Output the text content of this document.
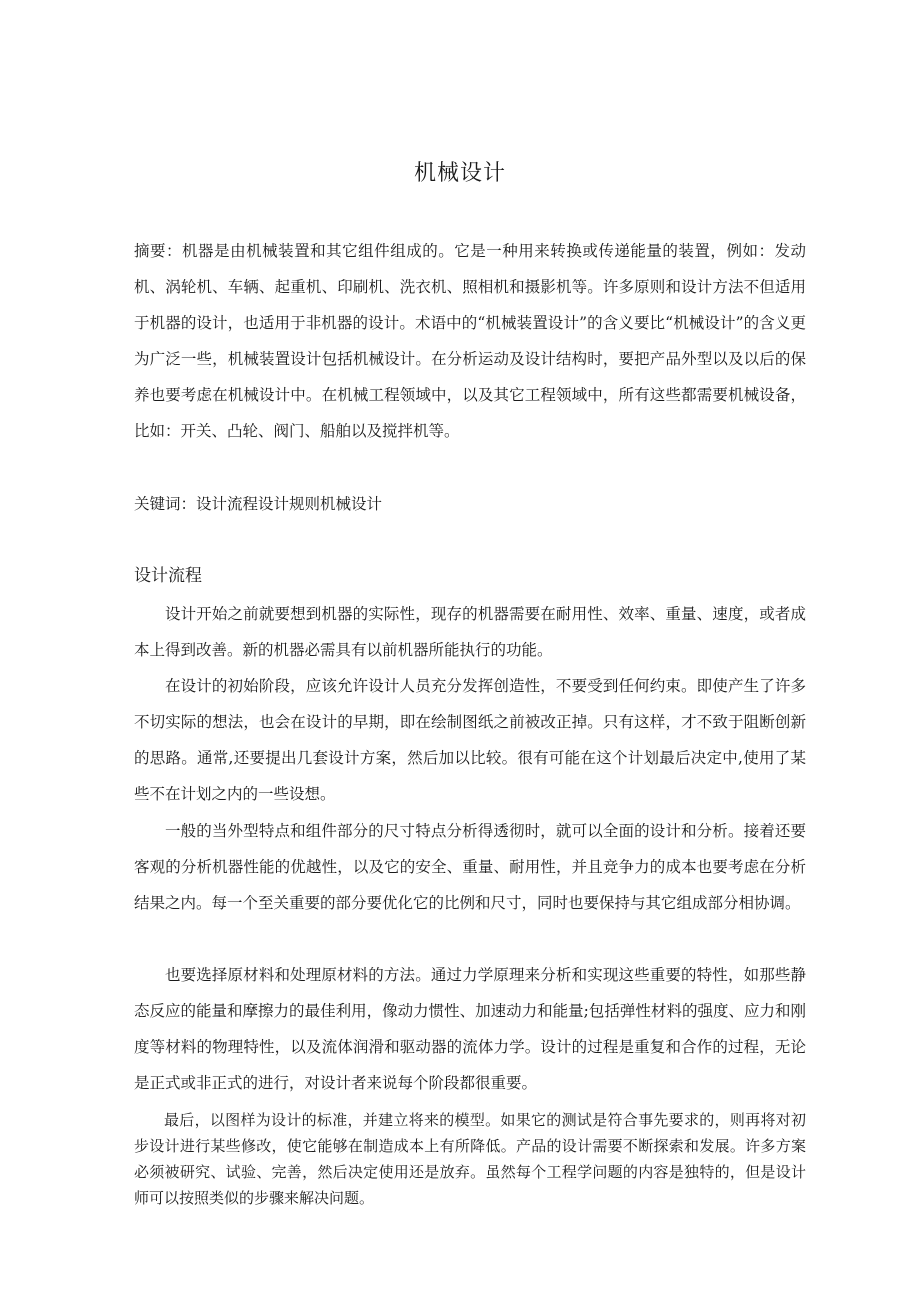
机械设计

摘要：机器是由机械装置和其它组件组成的。它是一种用来转换或传递能量的装置，例如：发动机、涡轮机、车辆、起重机、印刷机、洗衣机、照相机和摄影机等。许多原则和设计方法不但适用于机器的设计，也适用于非机器的设计。术语中的“机械装置设计”的含义要比“机械设计”的含义更为广泛一些，机械装置设计包括机械设计。在分析运动及设计结构时，要把产品外型以及以后的保养也要考虑在机械设计中。在机械工程领域中，以及其它工程领域中，所有这些都需要机械设备，比如：开关、凸轮、阀门、船舶以及搅拌机等。

关键词：设计流程设计规则机械设计

设计流程

设计开始之前就要想到机器的实际性，现存的机器需要在耐用性、效率、重量、速度，或者成本上得到改善。新的机器必需具有以前机器所能执行的功能。

在设计的初始阶段，应该允许设计人员充分发挥创造性，不要受到任何约束。即使产生了许多不切实际的想法，也会在设计的早期，即在绘制图纸之前被改正掉。只有这样，才不致于阻断创新的思路。通常,还要提出几套设计方案，然后加以比较。很有可能在这个计划最后决定中,使用了某些不在计划之内的一些设想。

一般的当外型特点和组件部分的尺寸特点分析得透彻时，就可以全面的设计和分析。接着还要客观的分析机器性能的优越性，以及它的安全、重量、耐用性，并且竞争力的成本也要考虑在分析结果之内。每一个至关重要的部分要优化它的比例和尺寸，同时也要保持与其它组成部分相协调。

也要选择原材料和处理原材料的方法。通过力学原理来分析和实现这些重要的特性，如那些静态反应的能量和摩擦力的最佳利用，像动力惯性、加速动力和能量;包括弹性材料的强度、应力和刚度等材料的物理特性，以及流体润滑和驱动器的流体力学。设计的过程是重复和合作的过程，无论是正式或非正式的进行，对设计者来说每个阶段都很重要。

最后，以图样为设计的标准，并建立将来的模型。如果它的测试是符合事先要求的，则再将对初步设计进行某些修改，使它能够在制造成本上有所降低。产品的设计需要不断探索和发展。许多方案必须被研究、试验、完善，然后决定使用还是放弃。虽然每个工程学问题的内容是独特的，但是设计师可以按照类似的步骤来解决问题。
